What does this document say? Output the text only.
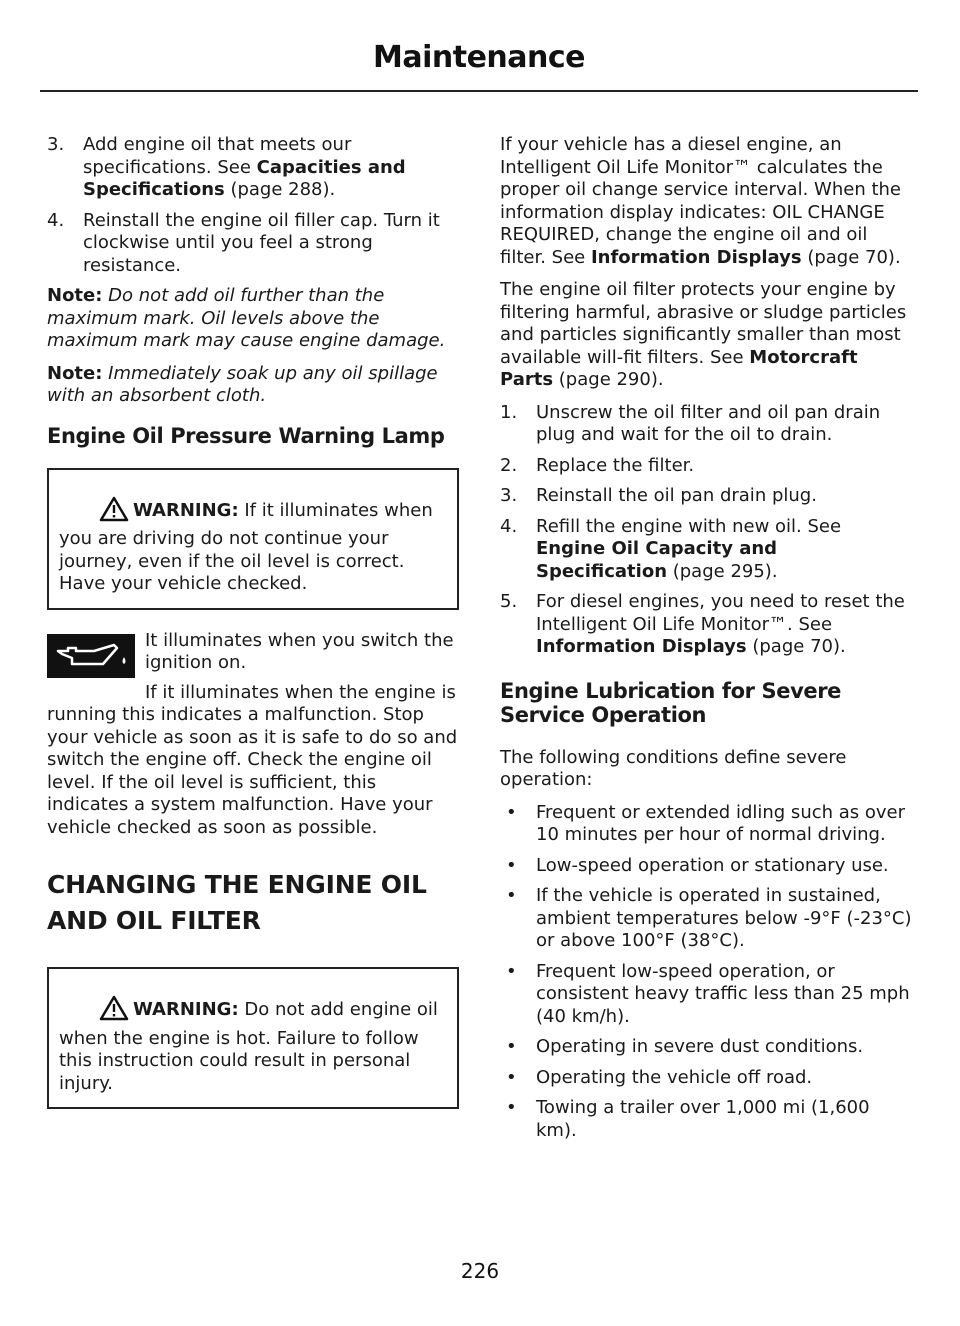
Maintenance
3.	Add engine oil that meets our specifications. See Capacities and Specifications (page 288).
4.	Reinstall the engine oil filler cap. Turn it clockwise until you feel a strong resistance.

Note: Do not add oil further than the maximum mark. Oil levels above the maximum mark may cause engine damage.

Note: Immediately soak up any oil spillage with an absorbent cloth.

Engine Oil Pressure Warning Lamp
WARNING: If it illuminates when you are driving do not continue your journey, even if the oil level is correct. Have your vehicle checked.
It illuminates when you switch the ignition on.

If it illuminates when the engine is running this indicates a malfunction. Stop your vehicle as soon as it is safe to do so and switch the engine off. Check the engine oil level. If the oil level is sufficient, this indicates a system malfunction. Have your vehicle checked as soon as possible.

CHANGING THE ENGINE OIL
AND OIL FILTER
WARNING: Do not add engine oil when the engine is hot. Failure to follow this instruction could result in personal injury.

If your vehicle has a diesel engine, an Intelligent Oil Life Monitor™ calculates the proper oil change service interval. When the information display indicates: OIL CHANGE REQUIRED, change the engine oil and oil filter. See Information Displays (page 70).

The engine oil filter protects your engine by filtering harmful, abrasive or sludge particles and particles significantly smaller than most available will-fit filters. See Motorcraft Parts (page 290).

1.	Unscrew the oil filter and oil pan drain plug and wait for the oil to drain.
2.	Replace the filter.
3.	Reinstall the oil pan drain plug.
4.	Refill the engine with new oil. See Engine Oil Capacity and Specification (page 295).
5.	For diesel engines, you need to reset the Intelligent Oil Life Monitor™. See Information Displays (page 70).
Engine Lubrication for Severe Service Operation

The following conditions define severe operation:

•	Frequent or extended idling such as over 10 minutes per hour of normal driving.
•	Low-speed operation or stationary use.
•	If the vehicle is operated in sustained, ambient temperatures below -9°F (-23°C) or above 100°F (38°C).
•	Frequent low-speed operation, or consistent heavy traffic less than 25 mph (40 km/h).
•	Operating in severe dust conditions.
•	Operating the vehicle off road.
•	Towing a trailer over 1,000 mi (1,600 km).
226
